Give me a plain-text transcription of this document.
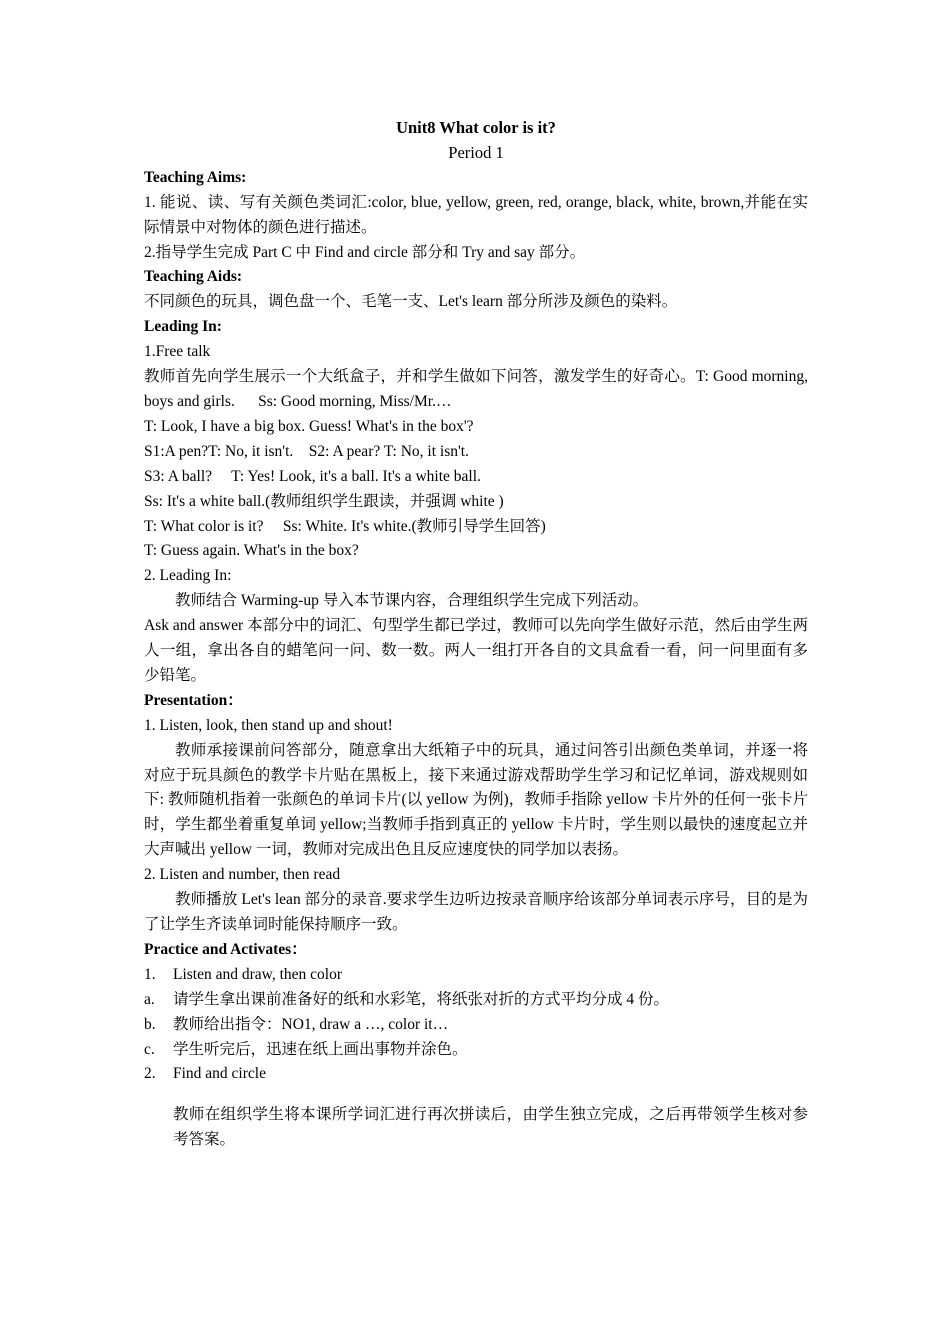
Unit8 What color is it?

Period 1

Teaching Aims:

1. 能说、读、写有关颜色类词汇:color, blue, yellow, green, red, orange, black, white, brown,并能在实际情景中对物体的颜色进行描述。

2.指导学生完成 Part C 中 Find and circle 部分和 Try and say 部分。

Teaching Aids:

不同颜色的玩具，调色盘一个、毛笔一支、Let's learn 部分所涉及颜色的染料。

Leading In:

1.Free talk

教师首先向学生展示一个大纸盒子，并和学生做如下问答，激发学生的好奇心。T: Good morning, boys and girls.      Ss: Good morning, Miss/Mr.…

T: Look, I have a big box. Guess! What's in the box'?

S1:A pen?T: No, it isn't.    S2: A pear? T: No, it isn't.

S3: A ball?     T: Yes! Look, it's a ball. It's a white ball.

Ss: It's a white ball.(教师组织学生跟读，并强调 white )

T: What color is it?     Ss: White. It's white.(教师引导学生回答)

T: Guess again. What's in the box?

2. Leading In:

教师结合 Warming-up 导入本节课内容，合理组织学生完成下列活动。

Ask and answer 本部分中的词汇、句型学生都已学过，教师可以先向学生做好示范，然后由学生两人一组，拿出各自的蜡笔问一问、数一数。两人一组打开各自的文具盒看一看，问一问里面有多少铅笔。

Presentation：

1. Listen, look, then stand up and shout!

教师承接课前问答部分，随意拿出大纸箱子中的玩具，通过问答引出颜色类单词，并逐一将对应于玩具颜色的教学卡片贴在黑板上，接下来通过游戏帮助学生学习和记忆单词，游戏规则如下: 教师随机指着一张颜色的单词卡片(以 yellow 为例)，教师手指除 yellow 卡片外的任何一张卡片时，学生都坐着重复单词 yellow;当教师手指到真正的 yellow 卡片时，学生则以最快的速度起立并大声喊出 yellow 一词，教师对完成出色且反应速度快的同学加以表扬。

2. Listen and number, then read

教师播放 Let's lean 部分的录音.要求学生边听边按录音顺序给该部分单词表示序号，目的是为了让学生齐读单词时能保持顺序一致。

Practice and Activates：

1.	Listen and draw, then color
a.	请学生拿出课前准备好的纸和水彩笔，将纸张对折的方式平均分成 4 份。
b.	教师给出指令：NO1, draw a …, color it…
c.	学生听完后，迅速在纸上画出事物并涂色。
2.	Find and circle

教师在组织学生将本课所学词汇进行再次拼读后，由学生独立完成，之后再带领学生核对参考答案。
